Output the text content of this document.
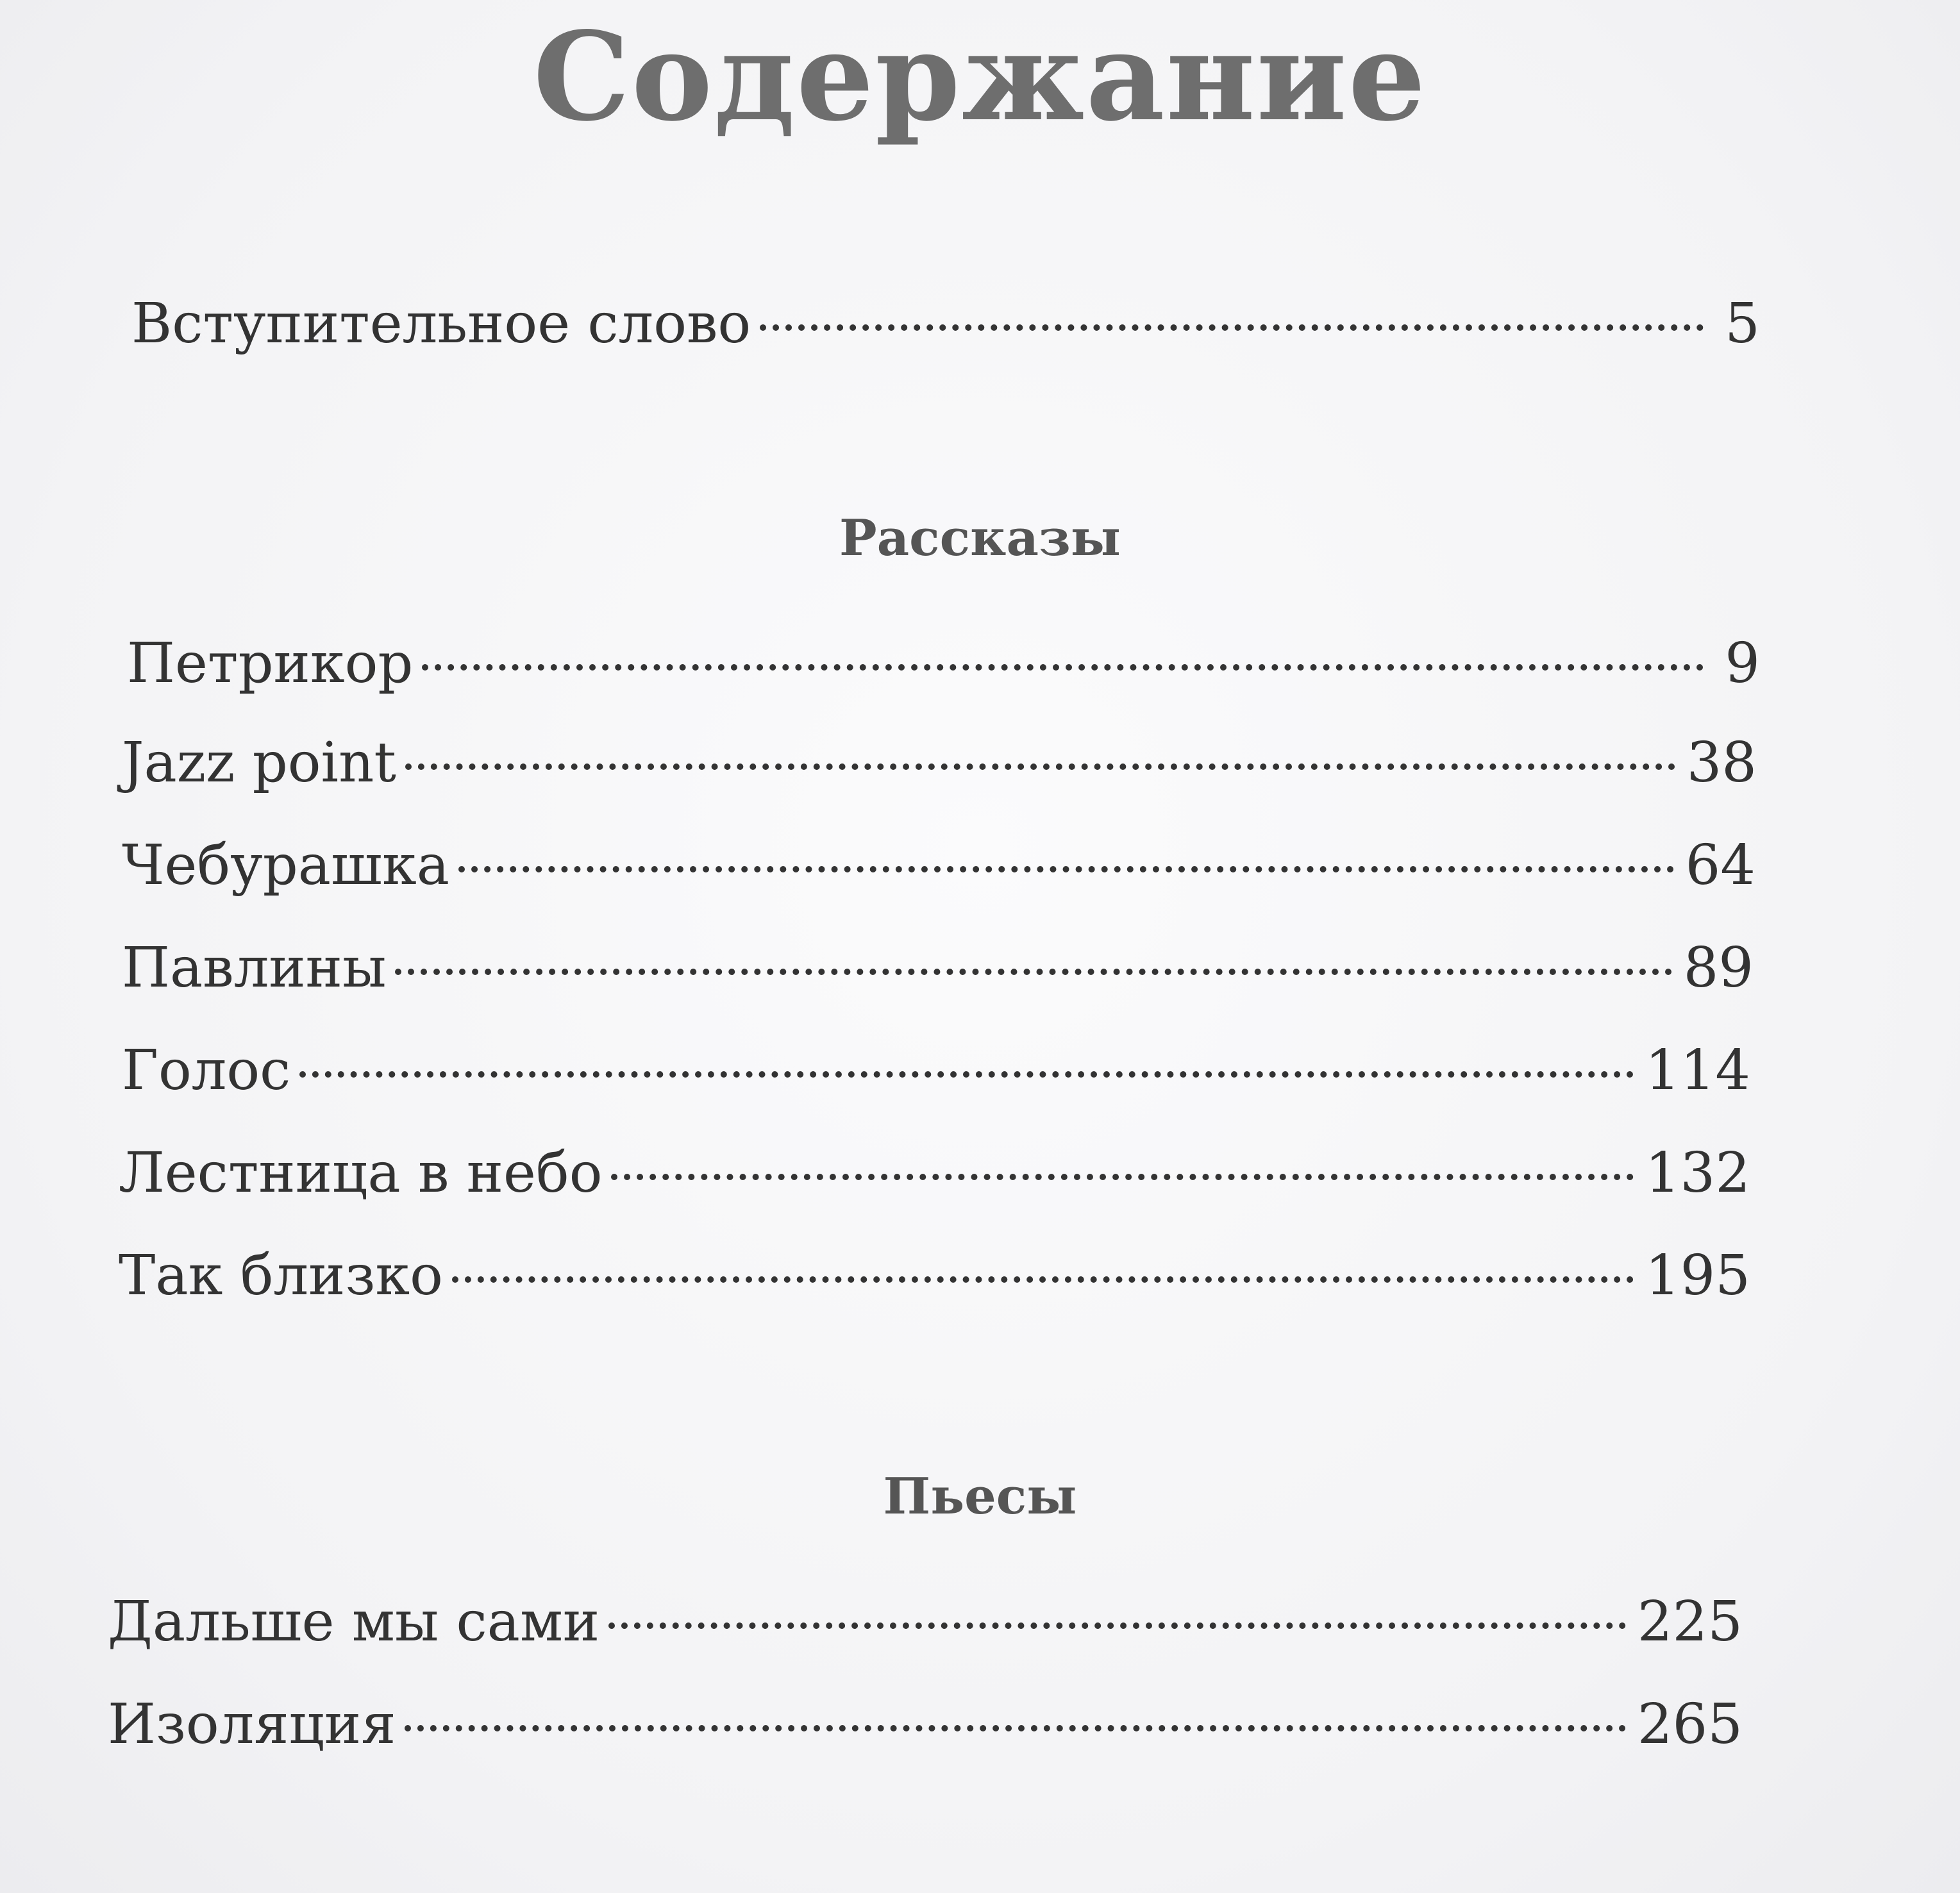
Содержание
Вступительное слово	5
Рассказы
Петрикор	9
Jazz point	38
Чебурашка	64
Павлины	89
Голос	114
Лестница в небо	132
Так близко	195
Пьесы
Дальше мы сами	225
Изоляция	265
